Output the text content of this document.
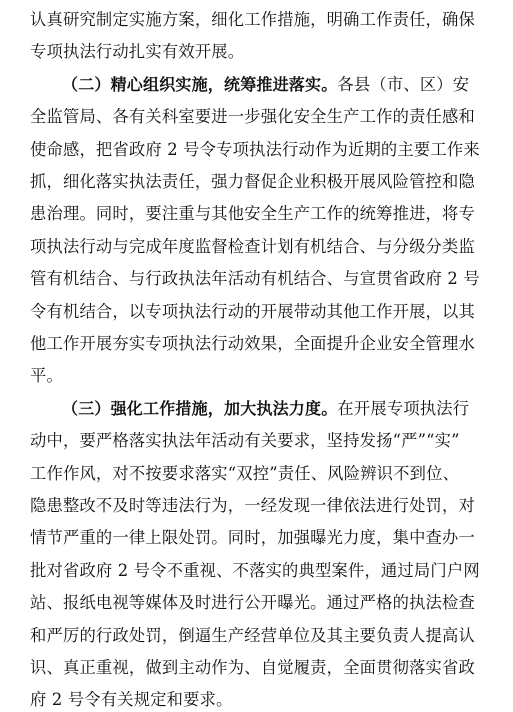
认真研究制定实施方案，细化工作措施，明确工作责任，确保
专项执法行动扎实有效开展。
（二）精心组织实施，统筹推进落实。各县（市、区）安
全监管局、各有关科室要进一步强化安全生产工作的责任感和
使命感，把省政府 2 号令专项执法行动作为近期的主要工作来
抓，细化落实执法责任，强力督促企业积极开展风险管控和隐
患治理。同时，要注重与其他安全生产工作的统筹推进，将专
项执法行动与完成年度监督检查计划有机结合、与分级分类监
管有机结合、与行政执法年活动有机结合、与宣贯省政府 2 号
令有机结合，以专项执法行动的开展带动其他工作开展，以其
他工作开展夯实专项执法行动效果，全面提升企业安全管理水
平。
（三）强化工作措施，加大执法力度。在开展专项执法行
动中，要严格落实执法年活动有关要求，坚持发扬“严”“实”
工作作风，对不按要求落实“双控”责任、风险辨识不到位、
隐患整改不及时等违法行为，一经发现一律依法进行处罚，对
情节严重的一律上限处罚。同时，加强曝光力度，集中查办一
批对省政府 2 号令不重视、不落实的典型案件，通过局门户网
站、报纸电视等媒体及时进行公开曝光。通过严格的执法检查
和严厉的行政处罚，倒逼生产经营单位及其主要负责人提高认
识、真正重视，做到主动作为、自觉履责，全面贯彻落实省政
府 2 号令有关规定和要求。
